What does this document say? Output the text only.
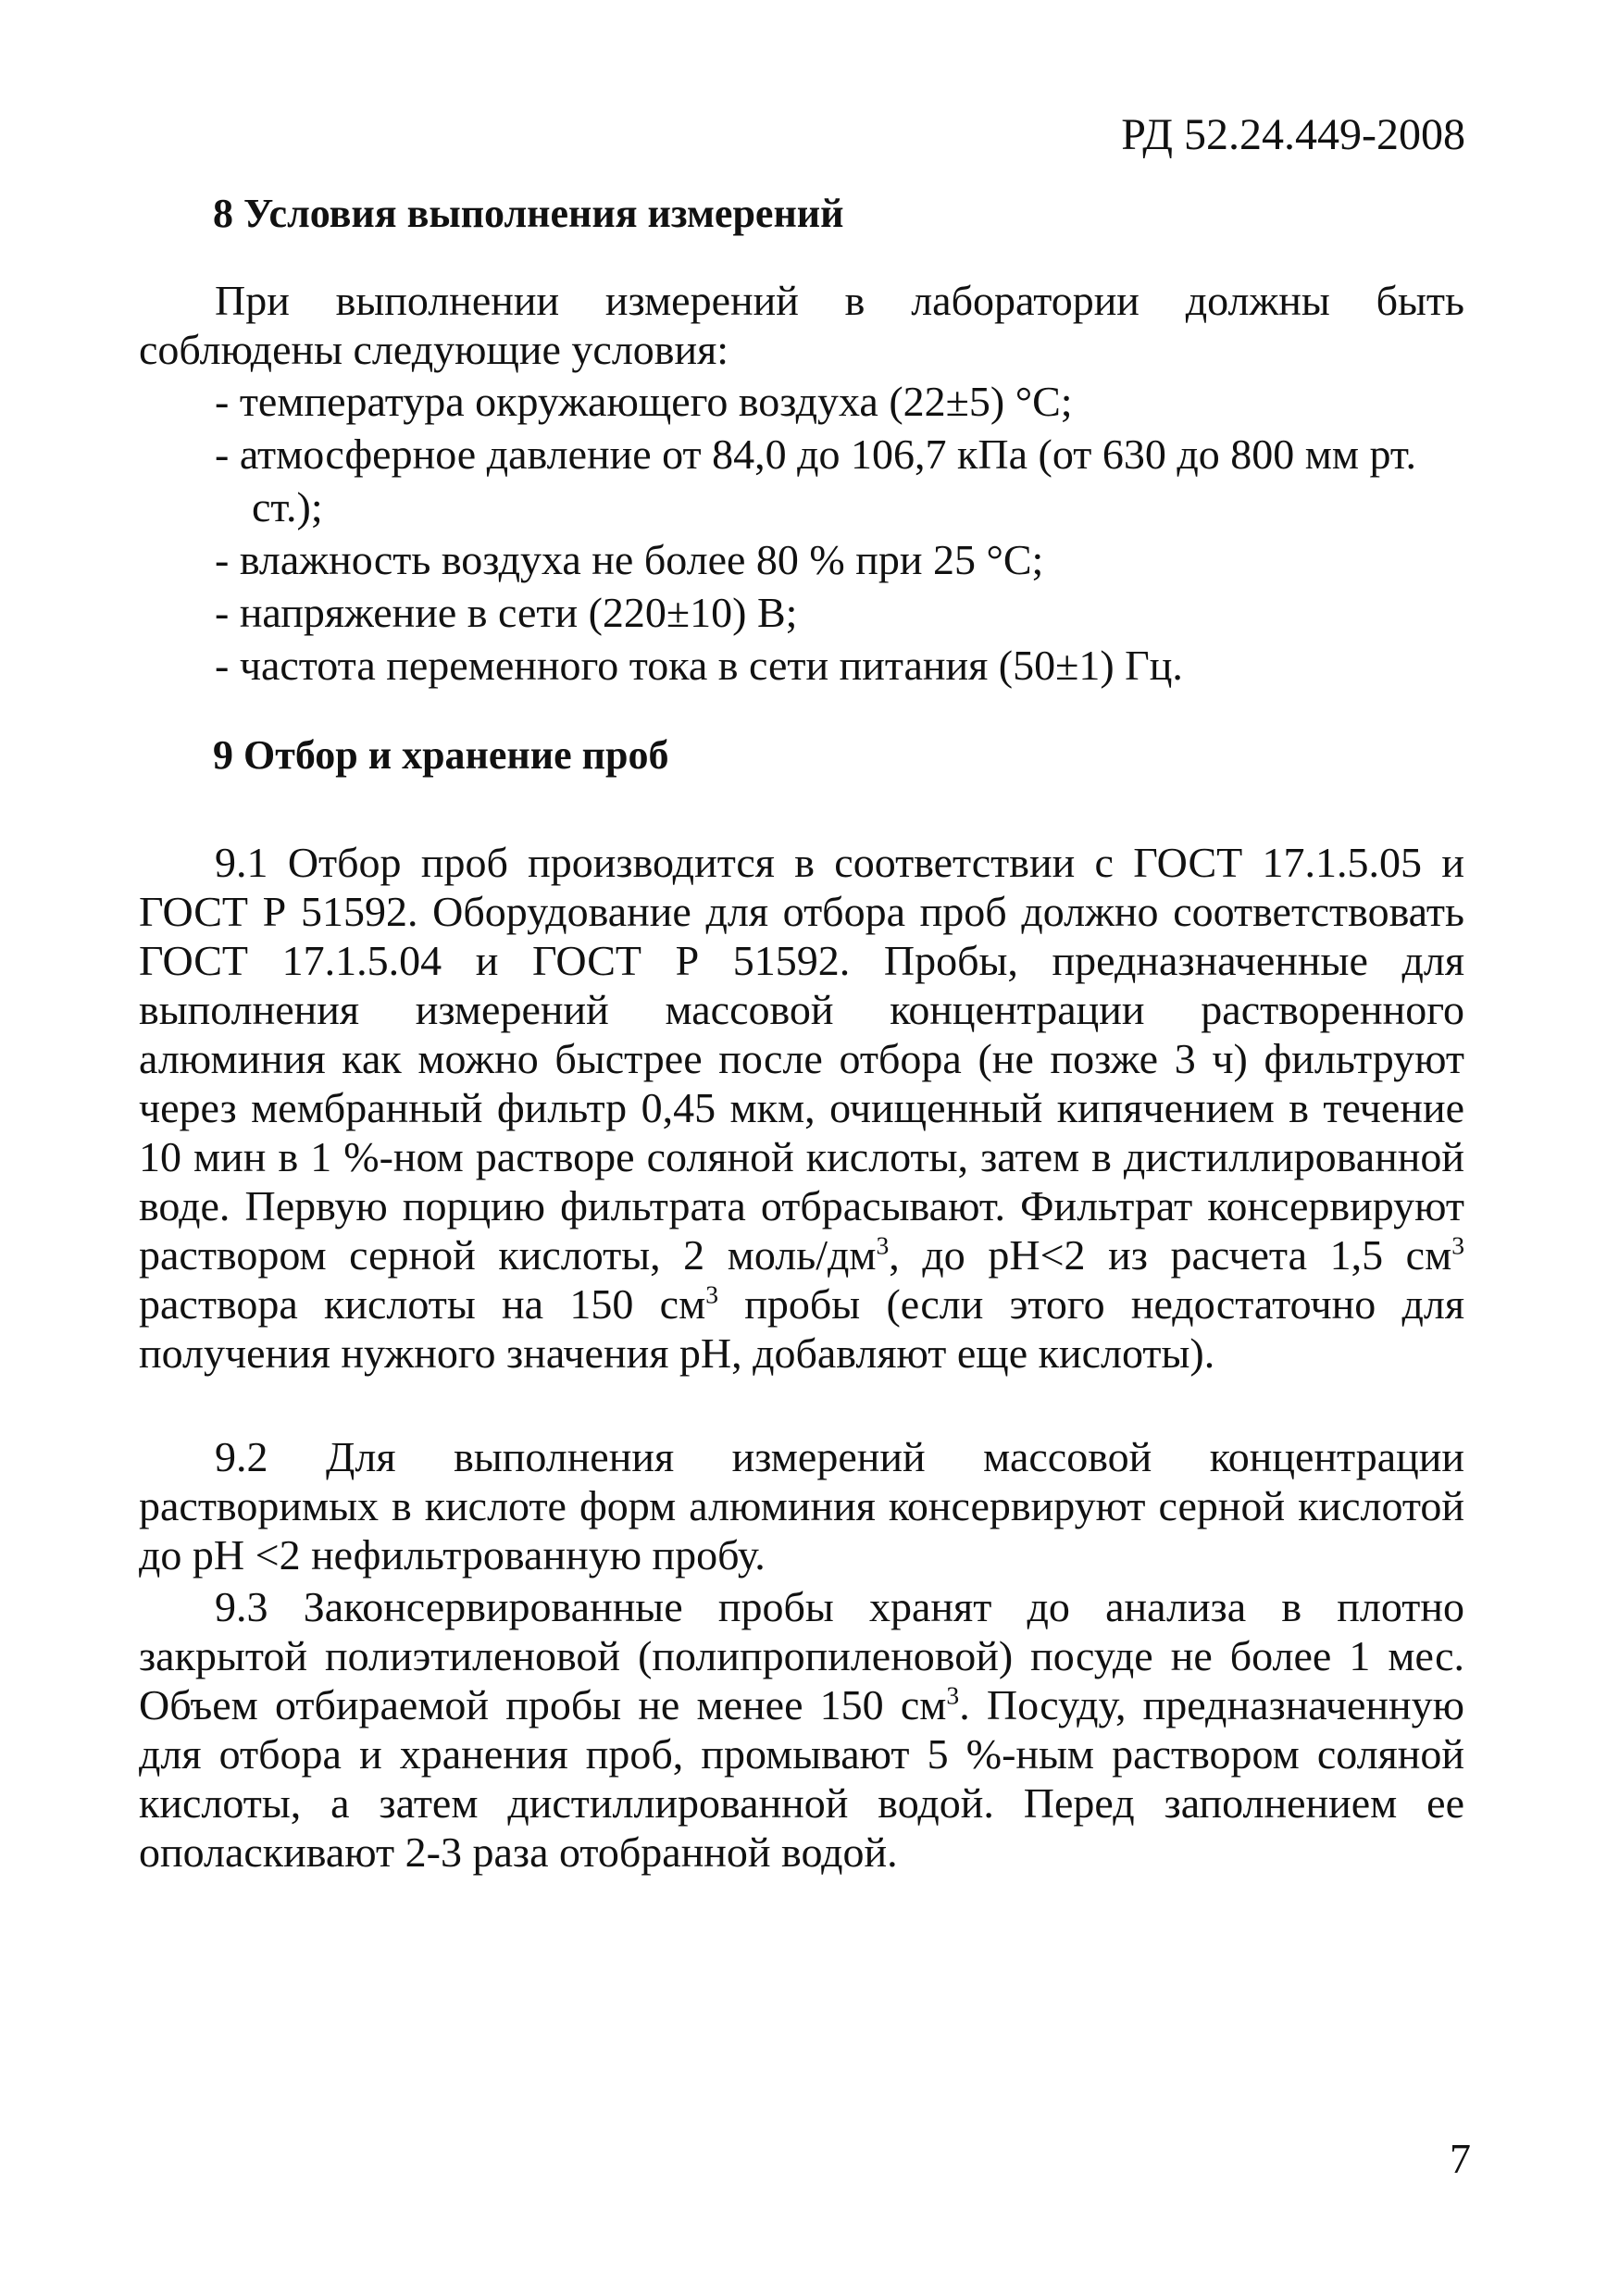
РД 52.24.449-2008
8 Условия выполнения измерений

При выполнении измерений в лаборатории должны быть соблюдены следующие условия:

- температура окружающего воздуха (22±5) °С;
- атмосферное давление от 84,0 до 106,7 кПа (от 630 до 800 мм рт. ст.);
- влажность воздуха не более 80 % при 25 °С;
- напряжение в сети (220±10) В;
- частота переменного тока в сети питания (50±1) Гц.
9 Отбор и хранение проб

9.1 Отбор проб производится в соответствии с ГОСТ 17.1.5.05 и ГОСТ Р 51592. Оборудование для отбора проб должно соответствовать ГОСТ 17.1.5.04 и ГОСТ Р 51592. Пробы, предназначенные для выполнения измерений массовой концентрации растворенного алюминия как можно быстрее после отбора (не позже 3 ч) фильтруют через мембранный фильтр 0,45 мкм, очищенный кипячением в течение 10 мин в 1 %-ном растворе соляной кислоты, затем в дистиллированной воде. Первую порцию фильтрата отбрасывают. Фильтрат консервируют раствором серной кислоты, 2 моль/$дм^3$, до рН<2 из расчета 1,5 $см^3$ раствора кислоты на 150 $см^3$ пробы (если этого недостаточно для получения нужного значения рН, добавляют еще кислоты).

9.2 Для выполнения измерений массовой концентрации растворимых в кислоте форм алюминия консервируют серной кислотой до рН <2 нефильтрованную пробу.

9.3 Законсервированные пробы хранят до анализа в плотно закрытой полиэтиленовой (полипропиленовой) посуде не более 1 мес. Объем отбираемой пробы не менее 150 $см^3$. Посуду, предназначенную для отбора и хранения проб, промывают 5 %-ным раствором соляной кислоты, а затем дистиллированной водой. Перед заполнением ее ополаскивают 2-3 раза отобранной водой.

7
